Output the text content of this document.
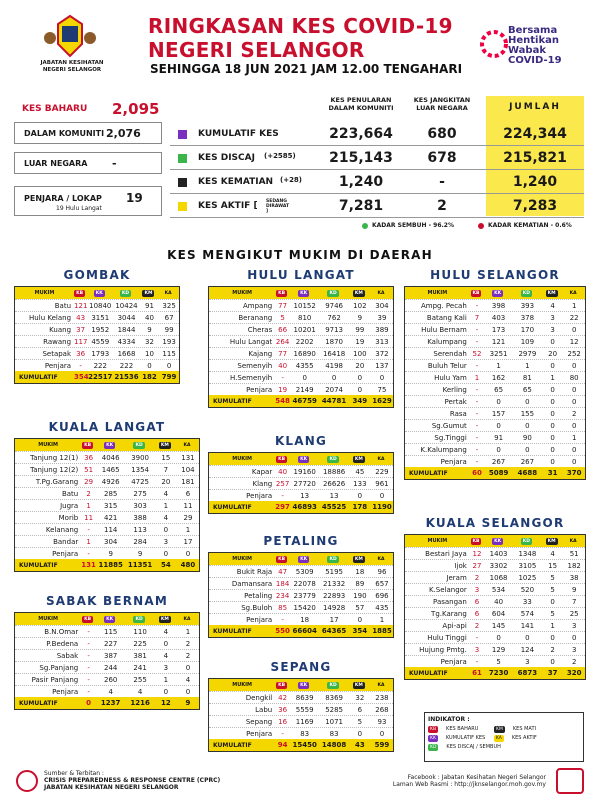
JABATAN KESIHATAN
NEGERI SELANGOR
RINGKASAN KES COVID-19
NEGERI SELANGOR
SEHINGGA 18 JUN 2021 JAM 12.00 TENGAHARI
Bersama Hentikan Wabak COVID-19
KES BAHARU 2,095
DALAM KOMUNITI 2,076
LUAR NEGARA -
PENJARA / LOKAP 19
19 Hulu Langat
KES PENULARAN DALAM KOMUNITI
KES JANGKITAN LUAR NEGARA	JUMLAH
KUMULATIF KES	223,664	680	224,344
KES DISCAJ (+2585)	215,143	678	215,821
KES KEMATIAN (+28)	1,240	-	1,240
KES AKTIF [ SEDANG DIRAWAT ]	7,281	2	7,283
KADAR SEMBUH - 96.2%	KADAR KEMATIAN - 0.6%
KES MENGIKUT MUKIM DI DAERAH
GOMBAK
MUKIM	KB	KK	KD	KM	KA
Batu 121 10840 10424	91	325
Hulu Kelang 43 3151	3044	40	67
Kuang 37 1952	1844	9	99
Rawang 117 4559	4334	32	193
Setapak 36 1793	1668	10	115
Penjara	-	222	222	0	0
KUMULATIF	354 22517 21536 182 799
KUALA LANGAT
MUKIM	KB	KK	KD	KM	KA
Tanjung 12(1) 36	4046	3900	15	131
Tanjung 12(2) 51	1465	1354	7	104
T.Pg.Garang 29	4926	4725	20	181
Batu	2	285	275	4	6
Jugra	1	315	303	1	11
Morib 11	421	388	4	29
Kelanang	-	114	113	0	1
Bandar	1	304	284	3	17
Penjara	-	9	9	0	0
KUMULATIF	131 11885 11351	54	480
SABAK BERNAM
MUKIM	KB	KK	KD	KM	KA
B.N.Omar	-	115	110	4	1
P.Bedena	-	227	225	0	2
Sabak	-	387	381	4	2
Sg.Panjang	-	244	241	3	0
Pasir Panjang	-	260	255	1	4
Penjara	-	4	4	0	0
KUMULATIF	0	1237	1216	12	9
HULU LANGAT
MUKIM	KB	KK	KD	KM	KA
Ampang 77 10152	9746	102	304
Beranang	5	810	762	9	39
Cheras 66 10201	9713	99	389
Hulu Langat 264 2202	1870	19	313
Kajang 77 16890	16418	100	372
Semenyih 40	4355	4198	20	137
H.Semenyih	-	0	0	0	0
Penjara 19	2149	2074	0	75
KUMULATIF	548 46759 44781 349 1629
KLANG
MUKIM	KB	KK	KD	KM	KA
Kapar 40 19160	18886	45	229
Klang 257 27720	26626	133	961
Penjara	-	13	13	0	0
KUMULATIF	297 46893 45525 178 1190
PETALING
MUKIM	KB	KK	KD	KM	KA
Bukit Raja 47	5309	5195	18	96
Damansara 184 22078	21332	89	657
Petaling 234 23779	22893	190	696
Sg.Buloh 85 15420	14928	57	435
Penjara	-	18	17	0	1
KUMULATIF	550 66604 64365 354 1885
SEPANG
MUKIM	KB	KK	KD	KM	KA
Dengkil 42	8639	8369	32	238
Labu 36	5559	5285	6	268
Sepang 16	1169	1071	5	93
Penjara	-	83	83	0	0
KUMULATIF	94 15450 14808	43	599
HULU SELANGOR
MUKIM	KB	KK	KD	KM	KA
Ampg. Pecah	-	398	393	4	1
Batang Kali	7	403	378	3	22
Hulu Bernam	-	173	170	3	0
Kalumpang	-	121	109	0	12
Serendah 52	3251	2979	20	252
Buluh Telur	-	1	1	0	0
Hulu Yam	1	162	81	1	80
Kerling	-	65	65	0	0
Pertak	-	0	0	0	0
Rasa	-	157	155	0	2
Sg.Gumut	-	0	0	0	0
Sg.Tinggi	-	91	90	0	1
K.Kalumpang	-	0	0	0	0
Penjara	-	267	267	0	0
KUMULATIF	60 5089	4688	31	370
KUALA SELANGOR
MUKIM	KB	KK	KD	KM	KA
Bestari Jaya 12	1403	1348	4	51
Ijok 27	3302	3105	15	182
Jeram	2	1068	1025	5	38
K.Selangor	3	534	520	5	9
Pasangan	6	40	33	0	7
Tg.Karang	6	604	574	5	25
Api-api	2	145	141	1	3
Hulu Tinggi	-	0	0	0	0
Hujung Pmtg.	3	129	124	2	3
Penjara	-	5	3	0	2
KUMULATIF	61 7230	6873	37	320
INDIKATOR :
KB	KES BAHARU	KM	KES MATI
KK	KUMULATIF KES	KA	KES AKTIF
KD	KES DISCAJ / SEMBUH
Sumber & Terbitan :
CRISIS PREPAREDNESS & RESPONSE CENTRE (CPRC)
JABATAN KESIHATAN NEGERI SELANGOR
Facebook : Jabatan Kesihatan Negeri Selangor
Laman Web Rasmi : http://jknselangor.moh.gov.my
